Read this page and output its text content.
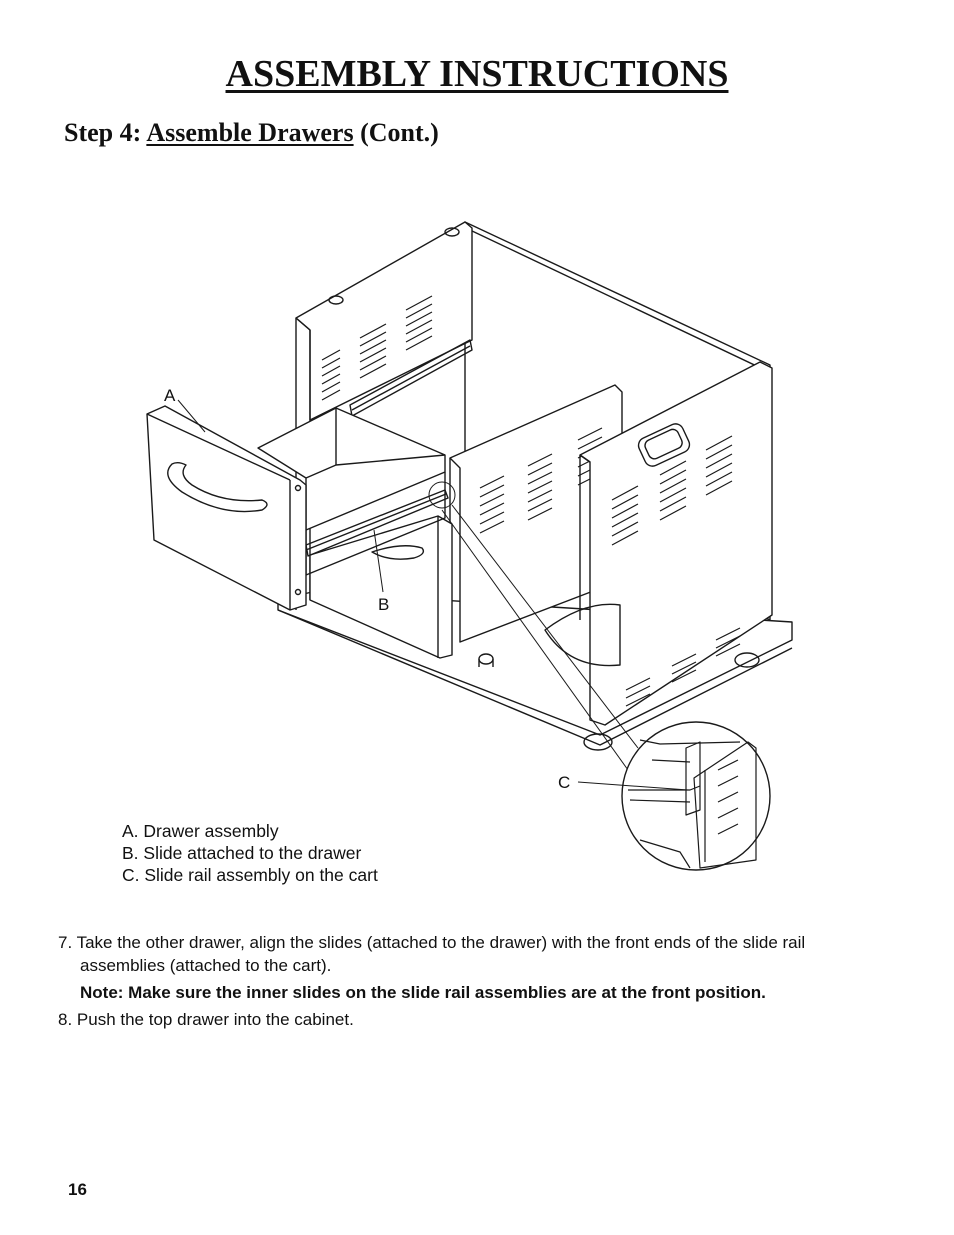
ASSEMBLY INSTRUCTIONS
Step 4: Assemble Drawers (Cont.)
A
B
C
A. Drawer assembly
B. Slide attached to the drawer
C. Slide rail assembly on the cart

7. Take the other drawer, align the slides (attached to the drawer) with the front ends of the slide rail

assemblies (attached to the cart).

Note: Make sure the inner slides on the slide rail assemblies are at the front position.

8. Push the top drawer into the cabinet.

16
